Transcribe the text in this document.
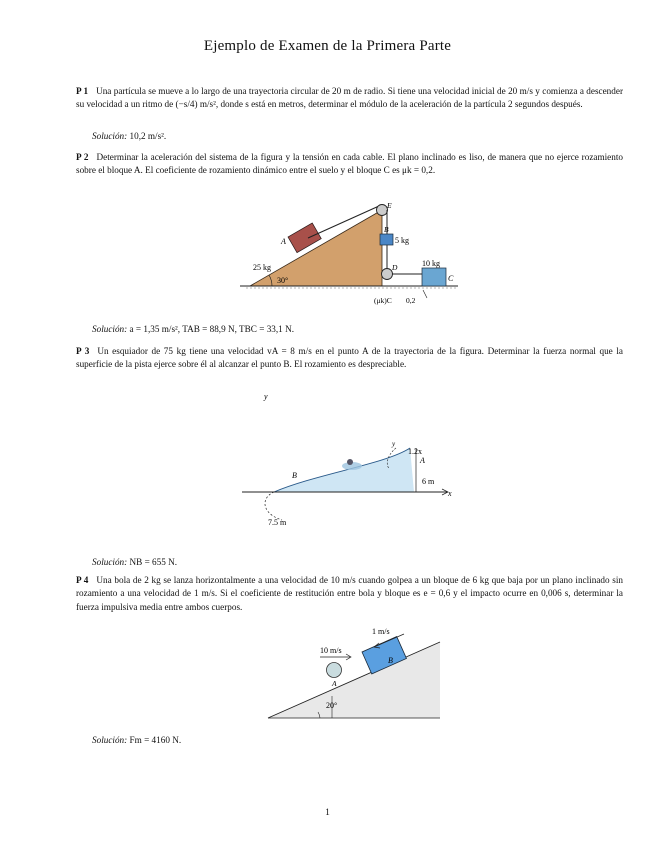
Ejemplo de Examen de la Primera Parte
P 1 Una partícula se mueve a lo largo de una trayectoria circular de 20 m de radio. Si tiene una velocidad inicial de 20 m/s y comienza a descender su velocidad a un ritmo de (−s/4) m/s², donde s está en metros, determinar el módulo de la aceleración de la partícula 2 segundos después.
Solución: 10,2 m/s².
P 2 Determinar la aceleración del sistema de la figura y la tensión en cada cable. El plano inclinado es liso, de manera que no ejerce rozamiento sobre el bloque A. El coeficiente de rozamiento dinámico entre el suelo y el bloque C es μk = 0,2.
A
25 kg
30°
E
B
5 kg
D	10 kg
C
(μk)C 0,2
Solución: a = 1,35 m/s², TAB = 88,9 N, TBC = 33,1 N.
P 3 Un esquiador de 75 kg tiene una velocidad vA = 8 m/s en el punto A de la trayectoria de la figura. Determinar la fuerza normal que la superficie de la pista ejerce sobre él al alcanzar el punto B. El rozamiento es despreciable.
y
x
B
A
y
1.2x
6 m
7.5 m
Solución: NB = 655 N.
P 4 Una bola de 2 kg se lanza horizontalmente a una velocidad de 10 m/s cuando golpea a un bloque de 6 kg que baja por un plano inclinado sin rozamiento a una velocidad de 1 m/s. Si el coeficiente de restitución entre bola y bloque es e = 0,6 y el impacto ocurre en 0,006 s, determinar la fuerza impulsiva media entre ambos cuerpos.
10 m/s
1 m/s
B
A
20°
Solución: Fm = 4160 N.
1
